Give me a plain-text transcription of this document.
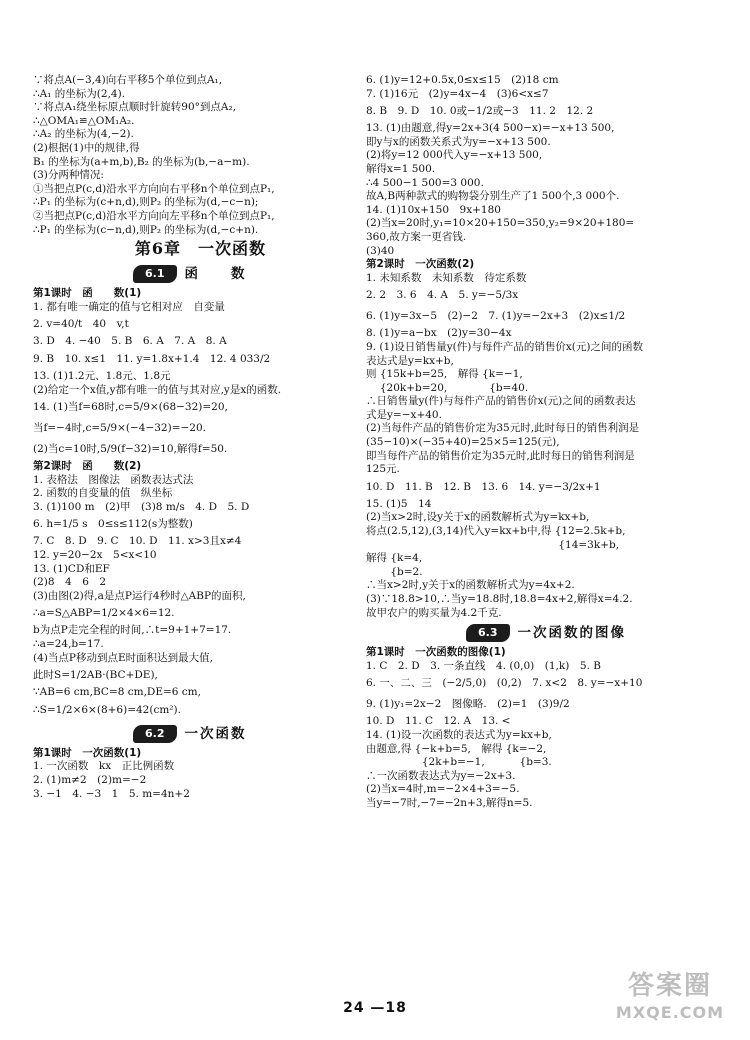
∵将点A(−3,4)向右平移5个单位到点A₁,
∴A₁ 的坐标为(2,4).
∵将点A₁绕坐标原点顺时针旋转90°到点A₂,
∴△OMA₁≌△OM₁A₂.
∴A₂ 的坐标为(4,−2).
(2)根据(1)中的规律,得
B₁ 的坐标为(a+m,b),B₂ 的坐标为(b,−a−m).
(3)分两种情况:
①当把点P(c,d)沿水平方向向右平移n个单位到点P₁,
∴P₁ 的坐标为(c+n,d),则P₂ 的坐标为(d,−c−n);
②当把点P(c,d)沿水平方向向左平移n个单位到点P₁,
∴P₁ 的坐标为(c−n,d),则P₂ 的坐标为(d,−c+n).
第6章　一次函数
6.1 函　　数
第1课时　函　　数(1)
1. 都有唯一确定的值与它相对应　自变量
2. v=40/t　40　v,t
3. D　4. −40　5. B　6. A　7. A　8. A
9. B　10. x≤1　11. y=1.8x+1.4　12. 4 033/2
13. (1)1.2元、1.8元、1.8元
(2)给定一个x值,y都有唯一的值与其对应,y是x的函数.
14. (1)当f=68时,c=5/9×(68−32)=20,
当f=−4时,c=5/9×(−4−32)=−20.
(2)当c=10时,5/9(f−32)=10,解得f=50.
第2课时　函　　数(2)
1. 表格法　图像法　函数表达式法
2. 函数的自变量的值　纵坐标
3. (1)100 m　(2)甲　(3)8 m/s　4. D　5. D
6. h=1/5 s　0≤s≤112(s为整数)
7. C　8. D　9. C　10. D　11. x>3且x≠4
12. y=20−2x　5<x<10
13. (1)CD和EF
(2)8　4　6　2
(3)由图(2)得,a是点P运行4秒时△ABP的面积,
∴a=S△ABP=1/2×4×6=12.
b为点P走完全程的时间,∴t=9+1+7=17.
∴a=24,b=17.
(4)当点P移动到点E时面积达到最大值,
此时S=1/2AB·(BC+DE),
∵AB=6 cm,BC=8 cm,DE=6 cm,
∴S=1/2×6×(8+6)=42(cm²).
6.2 一次函数
第1课时　一次函数(1)
1. 一次函数　kx　正比例函数
2. (1)m≠2　(2)m=−2
3. −1　4. −3　1　5. m=4n+2
6. (1)y=12+0.5x,0≤x≤15　(2)18 cm
7. (1)16元　(2)y=4x−4　(3)6<x≤7
8. B　9. D　10. 0或−1/2或−3　11. 2　12. 2
13. (1)由题意,得y=2x+3(4 500−x)=−x+13 500,
即y与x的函数关系式为y=−x+13 500.
(2)将y=12 000代入y=−x+13 500,
解得x=1 500.
∴4 500−1 500=3 000.
故A,B两种款式的购物袋分别生产了1 500个,3 000个.
14. (1)10x+150　9x+180
(2)当x=20时,y₁=10×20+150=350,y₂=9×20+180=
360,故方案一更省钱.
(3)40
第2课时　一次函数(2)
1. 未知系数　未知系数　待定系数
2. 2　3. 6　4. A　5. y=−5/3x
6. (1)y=3x−5　(2)−2　7. (1)y=−2x+3　(2)x≤1/2
8. (1)y=a−bx　(2)y=30−4x
9. (1)设日销售量y(件)与每件产品的销售价x(元)之间的函数
表达式是y=kx+b,
则 {15k+b=25,　解得 {k=−1,
　 {20k+b=20,　　　　{b=40.
∴日销售量y(件)与每件产品的销售价x(元)之间的函数表达
式是y=−x+40.
(2)当每件产品的销售价定为35元时,此时每日的销售利润是
(35−10)×(−35+40)=25×5=125(元),
即当每件产品的销售价定为35元时,此时每日的销售利润是
125元.
10. D　11. B　12. B　13. 6　14. y=−3/2x+1
15. (1)5　14
(2)当x>2时,设y关于x的函数解析式为y=kx+b,
将点(2.5,12),(3,14)代入y=kx+b中,得 {12=2.5k+b,
　　　　　　　　　　　　　　　　　　 {14=3k+b,
解得 {k=4,
　　 {b=2.
∴当x>2时,y关于x的函数解析式为y=4x+2.
(3)∵18.8>10,∴当y=18.8时,18.8=4x+2,解得x=4.2.
故甲农户的购买量为4.2千克.
6.3 一次函数的图像
第1课时　一次函数的图像(1)
1. C　2. D　3. 一条直线　4. (0,0)　(1,k)　5. B
6. 一、二、三　(−2/5,0)　(0,2)　7. x<2　8. y=−x+10
9. (1)y₁=2x−2　图像略.　(2)=1　(3)9/2
10. D　11. C　12. A　13. <
14. (1)设一次函数的表达式为y=kx+b,
由题意,得 {−k+b=5,　解得 {k=−2,
　　　　　 {2k+b=−1,　　　 {b=3.
∴一次函数表达式为y=−2x+3.
(2)当x=4时,m=−2×4+3=−5.
当y=−7时,−7=−2n+3,解得n=5.
24 —18
答案圈
MXQE.COM
